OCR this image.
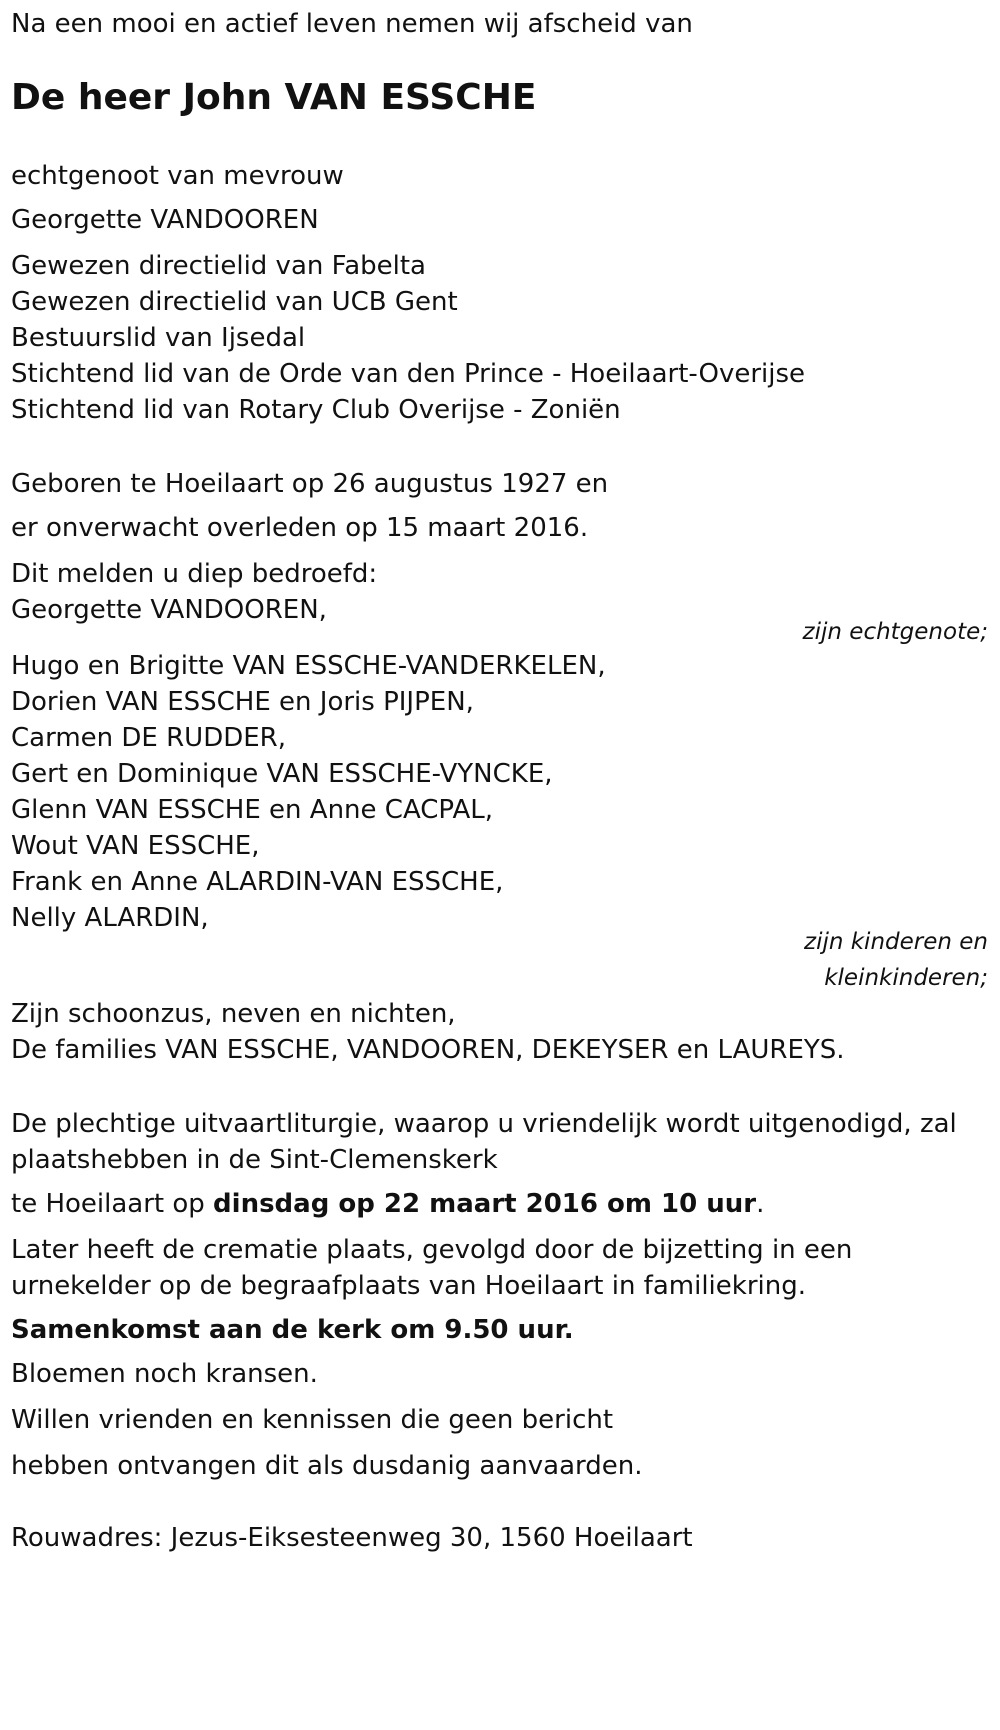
Na een mooi en actief leven nemen wij afscheid van
De heer John VAN ESSCHE
echtgenoot van mevrouw
Georgette VANDOOREN
Gewezen directielid van Fabelta
Gewezen directielid van UCB Gent
Bestuurslid van Ijsedal
Stichtend lid van de Orde van den Prince - Hoeilaart-Overijse
Stichtend lid van Rotary Club Overijse - Zoniën
Geboren te Hoeilaart op 26 augustus 1927 en
er onverwacht overleden op 15 maart 2016.
Dit melden u diep bedroefd:
Georgette VANDOOREN,
zijn echtgenote;
Hugo en Brigitte VAN ESSCHE-VANDERKELEN,
Dorien VAN ESSCHE en Joris PIJPEN,
Carmen DE RUDDER,
Gert en Dominique VAN ESSCHE-VYNCKE,
Glenn VAN ESSCHE en Anne CACPAL,
Wout VAN ESSCHE,
Frank en Anne ALARDIN-VAN ESSCHE,
Nelly ALARDIN,
zijn kinderen en
kleinkinderen;
Zijn schoonzus, neven en nichten,
De families VAN ESSCHE, VANDOOREN, DEKEYSER en LAUREYS.
De plechtige uitvaartliturgie, waarop u vriendelijk wordt uitgenodigd, zal
plaatshebben in de Sint-Clemenskerk
te Hoeilaart op dinsdag op 22 maart 2016 om 10 uur.
Later heeft de crematie plaats, gevolgd door de bijzetting in een
urnekelder op de begraafplaats van Hoeilaart in familiekring.
Samenkomst aan de kerk om 9.50 uur.
Bloemen noch kransen.
Willen vrienden en kennissen die geen bericht
hebben ontvangen dit als dusdanig aanvaarden.
Rouwadres: Jezus-Eiksesteenweg 30, 1560 Hoeilaart
